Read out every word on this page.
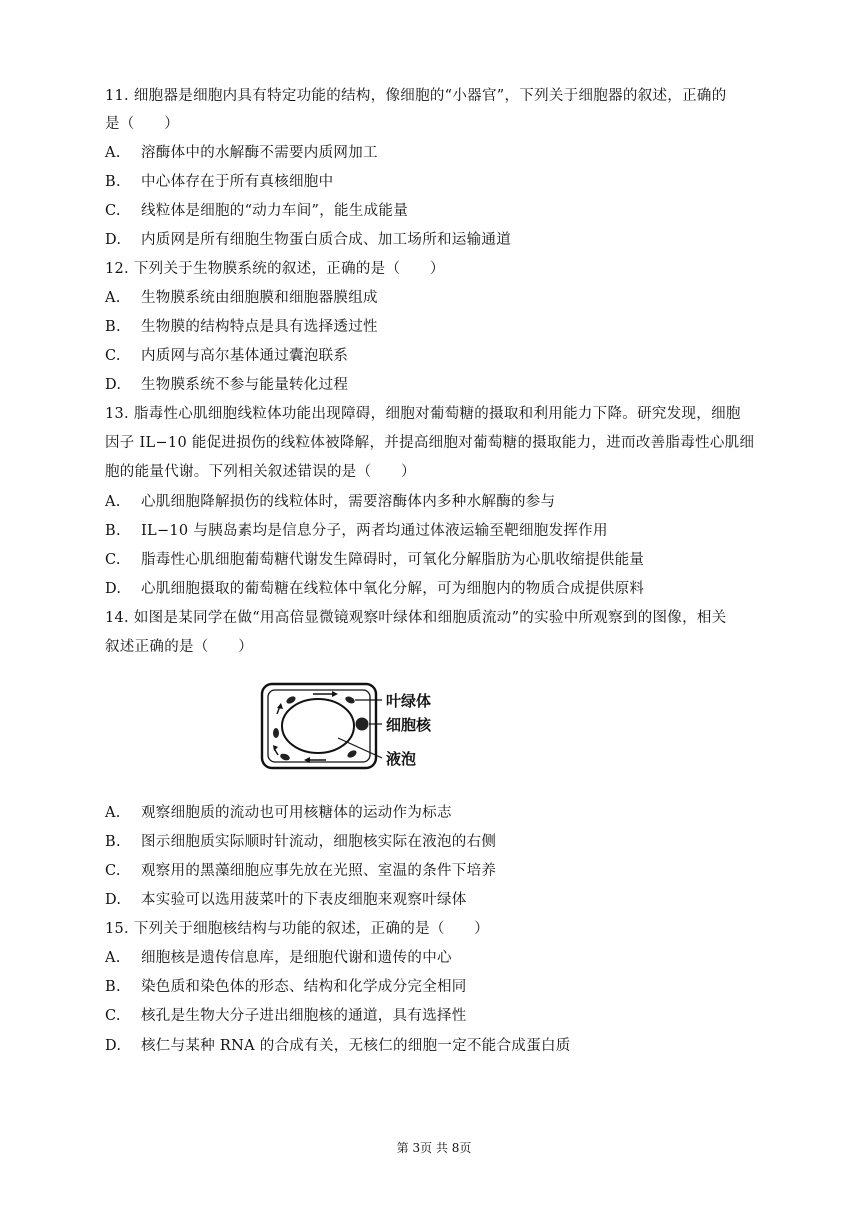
11. 细胞器是细胞内具有特定功能的结构，像细胞的“小器官”，下列关于细胞器的叙述，正确的
是（　　）
A. 溶酶体中的水解酶不需要内质网加工
B. 中心体存在于所有真核细胞中
C. 线粒体是细胞的“动力车间”，能生成能量
D. 内质网是所有细胞生物蛋白质合成、加工场所和运输通道
12. 下列关于生物膜系统的叙述，正确的是（　　）
A. 生物膜系统由细胞膜和细胞器膜组成
B. 生物膜的结构特点是具有选择透过性
C. 内质网与高尔基体通过囊泡联系
D. 生物膜系统不参与能量转化过程
13. 脂毒性心肌细胞线粒体功能出现障碍，细胞对葡萄糖的摄取和利用能力下降。研究发现，细胞
因子 IL−10 能促进损伤的线粒体被降解，并提高细胞对葡萄糖的摄取能力，进而改善脂毒性心肌细
胞的能量代谢。下列相关叙述错误的是（　　）
A. 心肌细胞降解损伤的线粒体时，需要溶酶体内多种水解酶的参与
B. IL−10 与胰岛素均是信息分子，两者均通过体液运输至靶细胞发挥作用
C. 脂毒性心肌细胞葡萄糖代谢发生障碍时，可氧化分解脂肪为心肌收缩提供能量
D. 心肌细胞摄取的葡萄糖在线粒体中氧化分解，可为细胞内的物质合成提供原料
14. 如图是某同学在做“用高倍显微镜观察叶绿体和细胞质流动”的实验中所观察到的图像，相关
叙述正确的是（　　）
叶绿体
细胞核
液泡
A. 观察细胞质的流动也可用核糖体的运动作为标志
B. 图示细胞质实际顺时针流动，细胞核实际在液泡的右侧
C. 观察用的黑藻细胞应事先放在光照、室温的条件下培养
D. 本实验可以选用菠菜叶的下表皮细胞来观察叶绿体
15. 下列关于细胞核结构与功能的叙述，正确的是（　　）
A. 细胞核是遗传信息库，是细胞代谢和遗传的中心
B. 染色质和染色体的形态、结构和化学成分完全相同
C. 核孔是生物大分子进出细胞核的通道，具有选择性
D. 核仁与某种 RNA 的合成有关，无核仁的细胞一定不能合成蛋白质
第 3页 共 8页
